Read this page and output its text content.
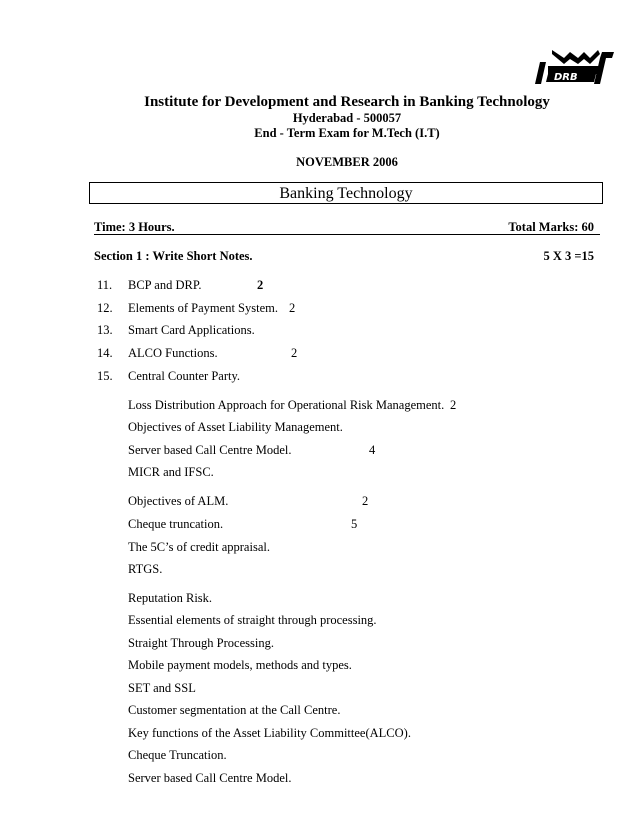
DRB
Institute for Development and Research in Banking Technology
Hyderabad - 500057
End - Term Exam for M.Tech (I.T)
NOVEMBER 2006
Banking Technology
Time: 3 Hours.	Total Marks: 60
Section 1 : Write Short Notes.	5 X 3 =15
11. BCP and DRP.	2
12. Elements of Payment System. 2
13. Smart Card Applications.
14. ALCO Functions.	2
15. Central Counter Party.
Loss Distribution Approach for Operational Risk Management. 2
Objectives of Asset Liability Management.
Server based Call Centre Model.	4
MICR and IFSC.
Objectives of ALM.	2
Cheque truncation.	5
The 5C’s of credit appraisal.
RTGS.
Reputation Risk.
Essential elements of straight through processing.
Straight Through Processing.
Mobile payment models, methods and types.
SET and SSL
Customer segmentation at the Call Centre.
Key functions of the Asset Liability Committee(ALCO).
Cheque Truncation.
Server based Call Centre Model.
